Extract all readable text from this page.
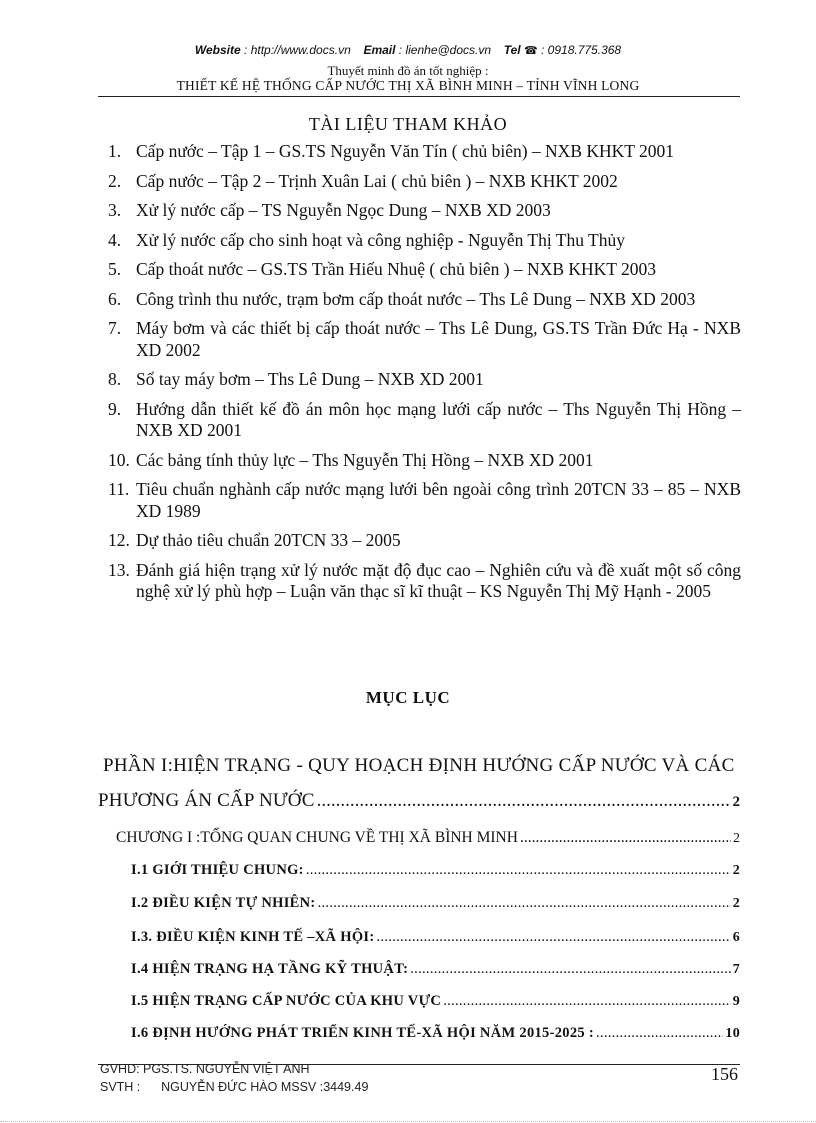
Website : http://www.docs.vn Email : lienhe@docs.vn Tel ☎ : 0918.775.368
Thuyết minh đồ án tốt nghiệp :
THIẾT KẾ HỆ THỐNG CẤP NƯỚC THỊ XÃ BÌNH MINH – TỈNH VĨNH LONG
TÀI LIỆU THAM KHẢO
1. Cấp nước – Tập 1 – GS.TS Nguyễn Văn Tín ( chủ biên) – NXB KHKT 2001
2. Cấp nước – Tập 2 – Trịnh Xuân Lai ( chủ biên ) – NXB KHKT 2002
3. Xử lý nước cấp – TS Nguyễn Ngọc Dung – NXB XD 2003
4. Xử lý nước cấp cho sinh hoạt và công nghiệp - Nguyễn Thị Thu Thủy
5. Cấp thoát nước – GS.TS Trần Hiếu Nhuệ ( chủ biên ) – NXB KHKT 2003
6. Công trình thu nước, trạm bơm cấp thoát nước – Ths Lê Dung – NXB XD 2003
7. Máy bơm và các thiết bị cấp thoát nước – Ths Lê Dung, GS.TS Trần Đức Hạ - NXB XD 2002
8. Sổ tay máy bơm – Ths Lê Dung – NXB XD 2001
9. Hướng dẫn thiết kế đồ án môn học mạng lưới cấp nước – Ths Nguyễn Thị Hồng – NXB XD 2001
10. Các bảng tính thủy lực – Ths Nguyễn Thị Hồng – NXB XD 2001
11. Tiêu chuẩn nghành cấp nước mạng lưới bên ngoài công trình 20TCN 33 – 85 – NXB XD 1989
12. Dự thảo tiêu chuẩn 20TCN 33 – 2005
13. Đánh giá hiện trạng xử lý nước mặt độ đục cao – Nghiên cứu và đề xuất một số công nghệ xử lý phù hợp – Luận văn thạc sĩ kĩ thuật – KS Nguyễn Thị Mỹ Hạnh - 2005
MỤC LỤC
PHẦN I:HIỆN TRẠNG - QUY HOẠCH ĐỊNH HƯỚNG CẤP NƯỚC VÀ CÁC
PHƯƠNG ÁN CẤP NƯỚC .....	2
CHƯƠNG I :TỔNG QUAN CHUNG VỀ THỊ XÃ BÌNH MINH .....	2
I.1 GIỚI THIỆU CHUNG: .....	2
I.2 ĐIỀU KIỆN TỰ NHIÊN: .....	2
I.3. ĐIỀU KIỆN KINH TẾ –XÃ HỘI: .....	6
I.4 HIỆN TRẠNG HẠ TẦNG KỸ THUẬT: .....	7
I.5 HIỆN TRẠNG CẤP NƯỚC CỦA KHU VỰC .....	9
I.6 ĐỊNH HƯỚNG PHÁT TRIỂN KINH TẾ-XÃ HỘI NĂM 2015-2025 : .....	10
GVHD: PGS.TS. NGUYỄN VIỆT ANH
SVTH :      NGUYỄN ĐỨC HÀO MSSV :3449.49
156
